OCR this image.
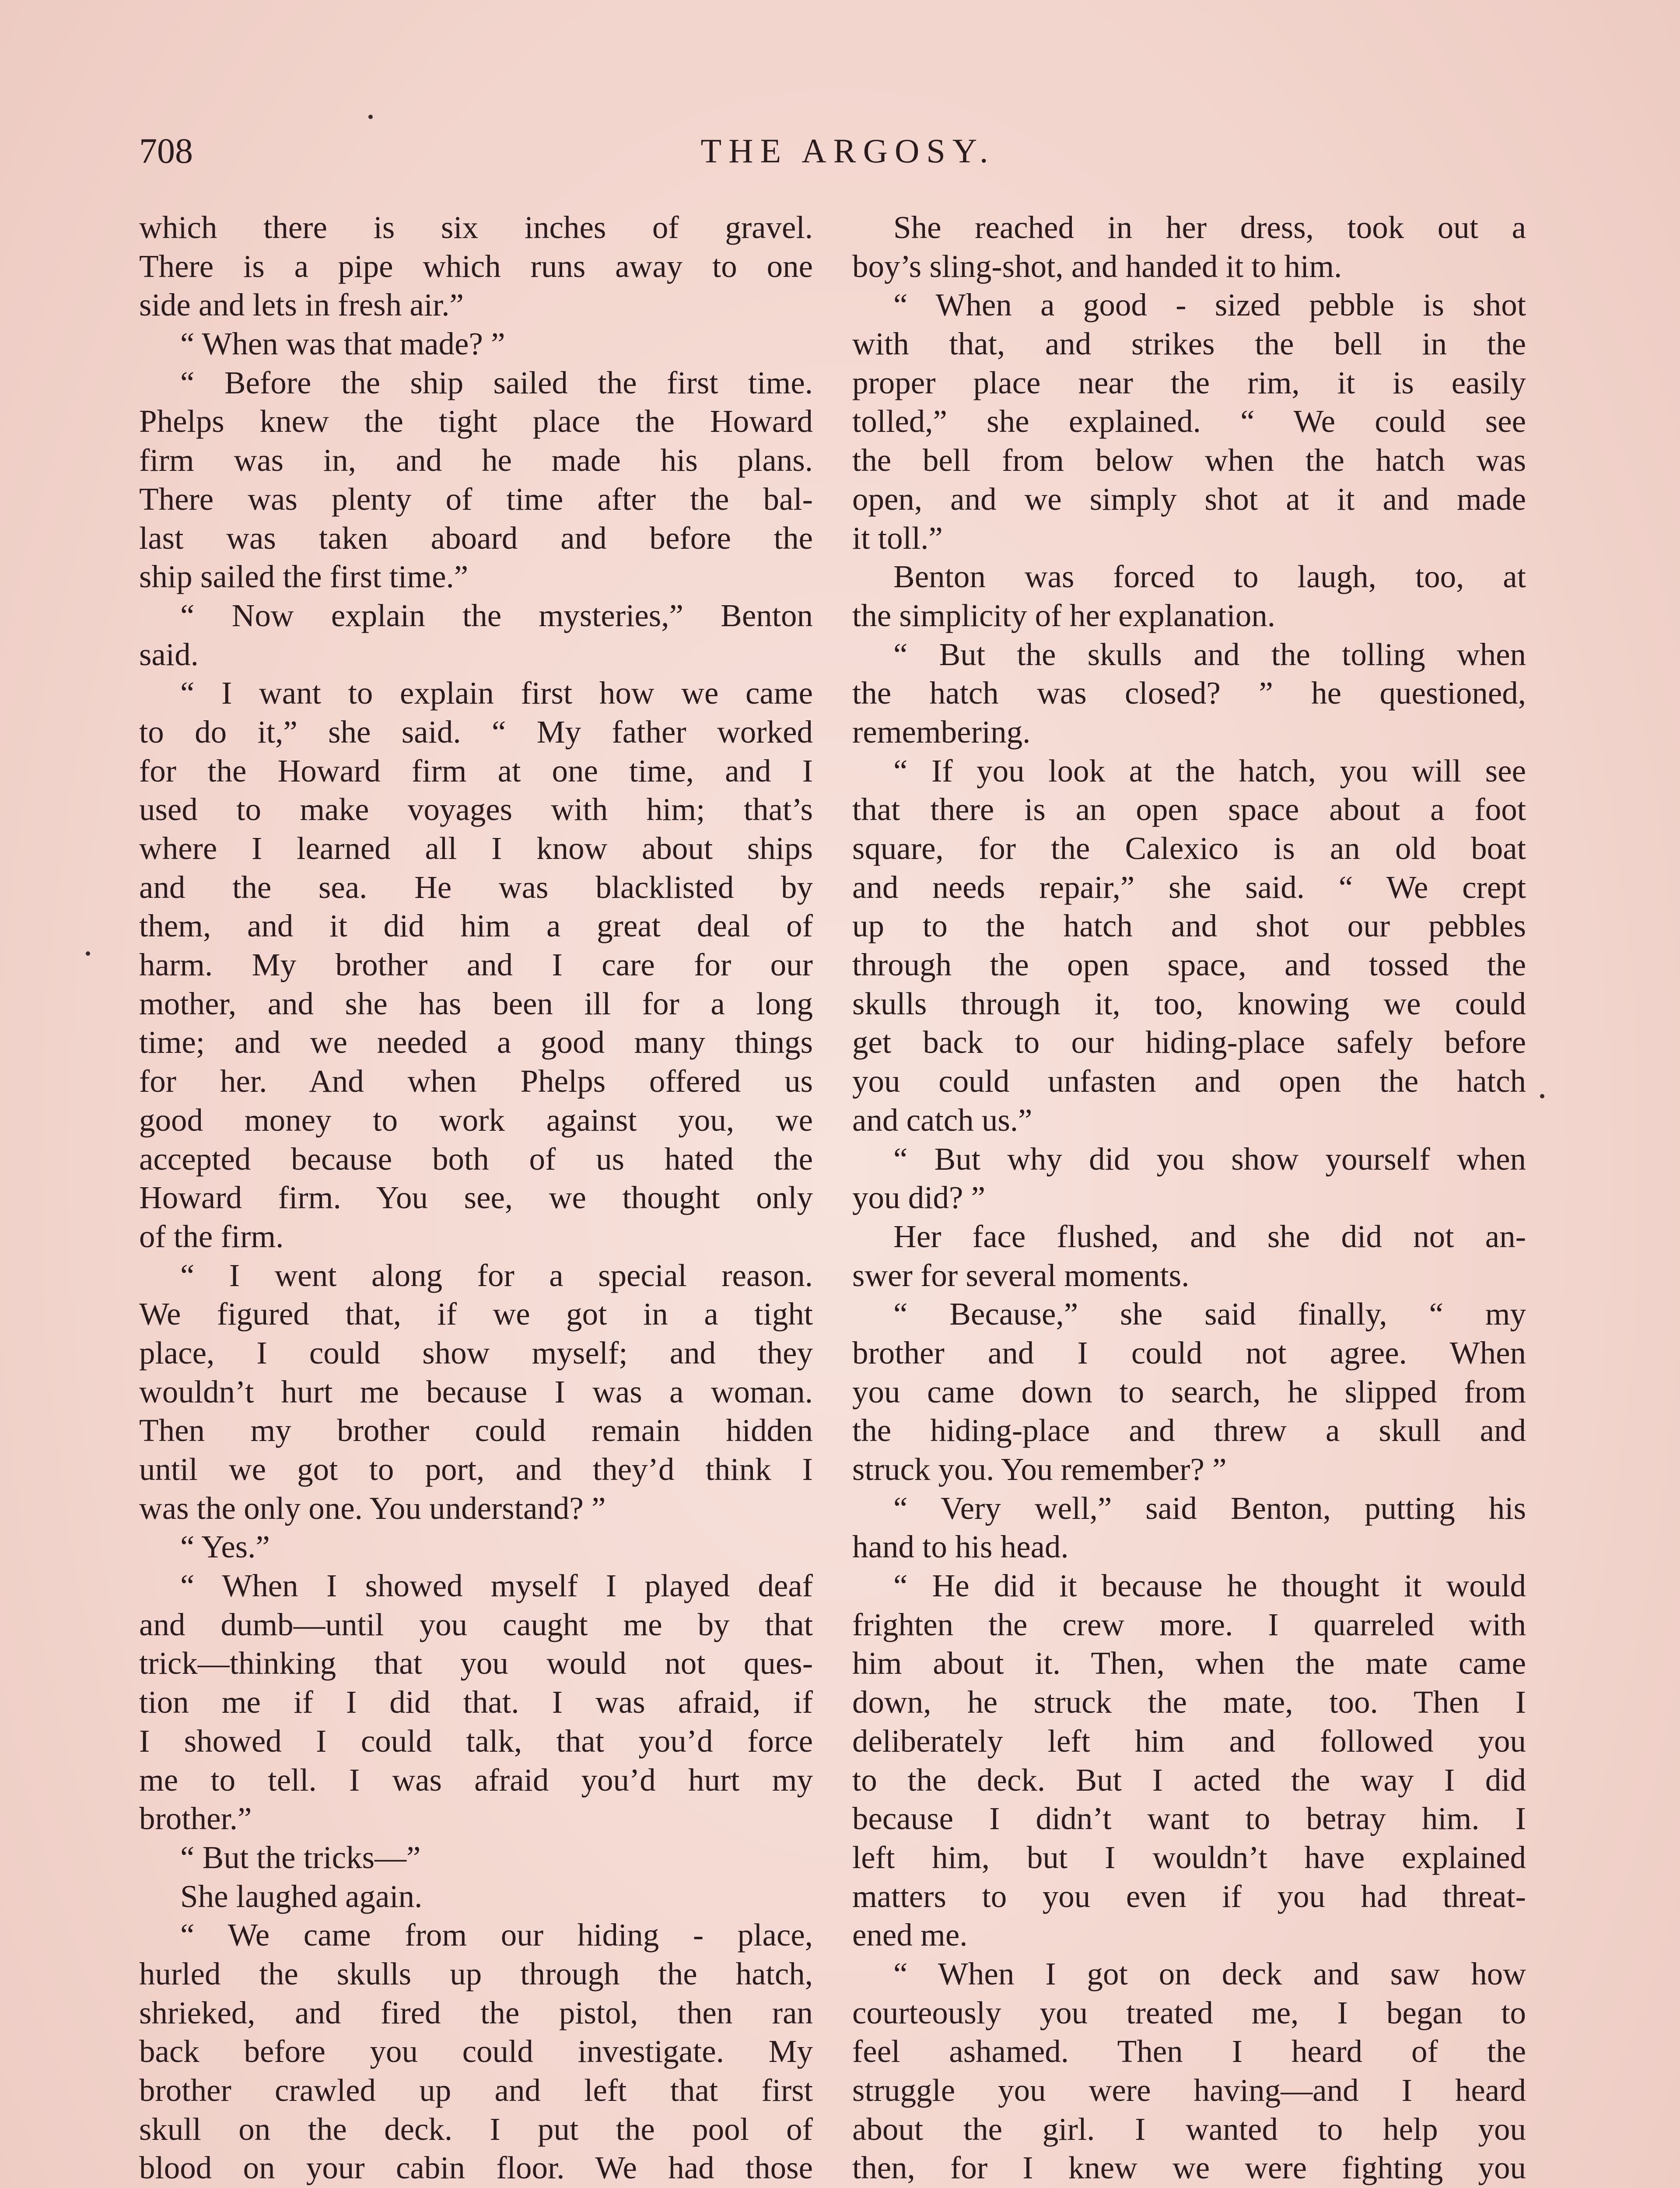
708	THE ARGOSY.
which there is six inches of gravel.
There is a pipe which runs away to one
side and lets in fresh air.”
“ When was that made? ”
“ Before the ship sailed the first time.
Phelps knew the tight place the Howard
firm was in, and he made his plans.
There was plenty of time after the bal-
last was taken aboard and before the
ship sailed the first time.”
“ Now explain the mysteries,” Benton
said.
“ I want to explain first how we came
to do it,” she said. “ My father worked
for the Howard firm at one time, and I
used to make voyages with him; that’s
where I learned all I know about ships
and the sea. He was blacklisted by
them, and it did him a great deal of
harm. My brother and I care for our
mother, and she has been ill for a long
time; and we needed a good many things
for her. And when Phelps offered us
good money to work against you, we
accepted because both of us hated the
Howard firm. You see, we thought only
of the firm.
“ I went along for a special reason.
We figured that, if we got in a tight
place, I could show myself; and they
wouldn’t hurt me because I was a woman.
Then my brother could remain hidden
until we got to port, and they’d think I
was the only one. You understand? ”
“ Yes.”
“ When I showed myself I played deaf
and dumb—until you caught me by that
trick—thinking that you would not ques-
tion me if I did that. I was afraid, if
I showed I could talk, that you’d force
me to tell. I was afraid you’d hurt my
brother.”
“ But the tricks—”
She laughed again.
“ We came from our hiding - place,
hurled the skulls up through the hatch,
shrieked, and fired the pistol, then ran
back before you could investigate. My
brother crawled up and left that first
skull on the deck. I put the pool of
blood on your cabin floor. We had those
She reached in her dress, took out a
boy’s sling-shot, and handed it to him.
“ When a good - sized pebble is shot
with that, and strikes the bell in the
proper place near the rim, it is easily
tolled,” she explained. “ We could see
the bell from below when the hatch was
open, and we simply shot at it and made
it toll.”
Benton was forced to laugh, too, at
the simplicity of her explanation.
“ But the skulls and the tolling when
the hatch was closed? ” he questioned,
remembering.
“ If you look at the hatch, you will see
that there is an open space about a foot
square, for the Calexico is an old boat
and needs repair,” she said. “ We crept
up to the hatch and shot our pebbles
through the open space, and tossed the
skulls through it, too, knowing we could
get back to our hiding-place safely before
you could unfasten and open the hatch
and catch us.”
“ But why did you show yourself when
you did? ”
Her face flushed, and she did not an-
swer for several moments.
“ Because,” she said finally, “ my
brother and I could not agree. When
you came down to search, he slipped from
the hiding-place and threw a skull and
struck you. You remember? ”
“ Very well,” said Benton, putting his
hand to his head.
“ He did it because he thought it would
frighten the crew more. I quarreled with
him about it. Then, when the mate came
down, he struck the mate, too. Then I
deliberately left him and followed you
to the deck. But I acted the way I did
because I didn’t want to betray him. I
left him, but I wouldn’t have explained
matters to you even if you had threat-
ened me.
“ When I got on deck and saw how
courteously you treated me, I began to
feel ashamed. Then I heard of the
struggle you were having—and I heard
about the girl. I wanted to help you
then, for I knew we were fighting you
